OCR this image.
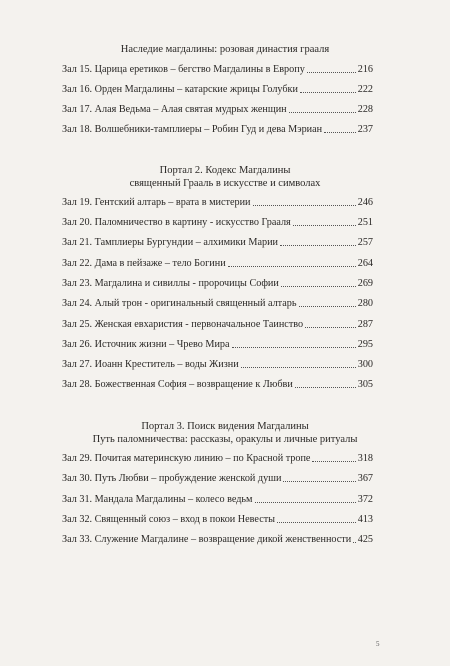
Наследие магдалины: розовая династия грааля
Зал 15. Царица еретиков – бегство Магдалины в Европу	216
Зал 16. Орден Магдалины – катарские жрицы Голубки	222
Зал 17. Алая Ведьма – Алая святая мудрых женщин	228
Зал 18. Волшебники-тамплиеры – Робин Гуд и дева Мэриан	237
Портал 2. Кодекс Магдалины
священный Грааль в искусстве и символах
Зал 19. Гентский алтарь – врата в мистерии	246
Зал 20. Паломничество в картину - искусство Грааля	251
Зал 21. Тамплиеры Бургундии – алхимики Марии	257
Зал 22. Дама в пейзаже – тело Богини	264
Зал 23. Магдалина и сивиллы - пророчицы Софии	269
Зал 24. Алый трон - оригинальный священный алтарь	280
Зал 25. Женская евхаристия - первоначальное Таинство	287
Зал 26. Источник жизни – Чрево Мира	295
Зал 27. Иоанн Креститель – воды Жизни	300
Зал 28. Божественная София – возвращение к Любви	305
Портал 3. Поиск видения Магдалины
Путь паломничества: рассказы, оракулы и личные ритуалы
Зал 29. Почитая материнскую линию – по Красной тропе	318
Зал 30. Путь Любви – пробуждение женской души	367
Зал 31. Мандала Магдалины – колесо ведьм	372
Зал 32. Священный союз – вход в покои Невесты	413
Зал 33. Служение Магдалине – возвращение дикой женственности 425
5
